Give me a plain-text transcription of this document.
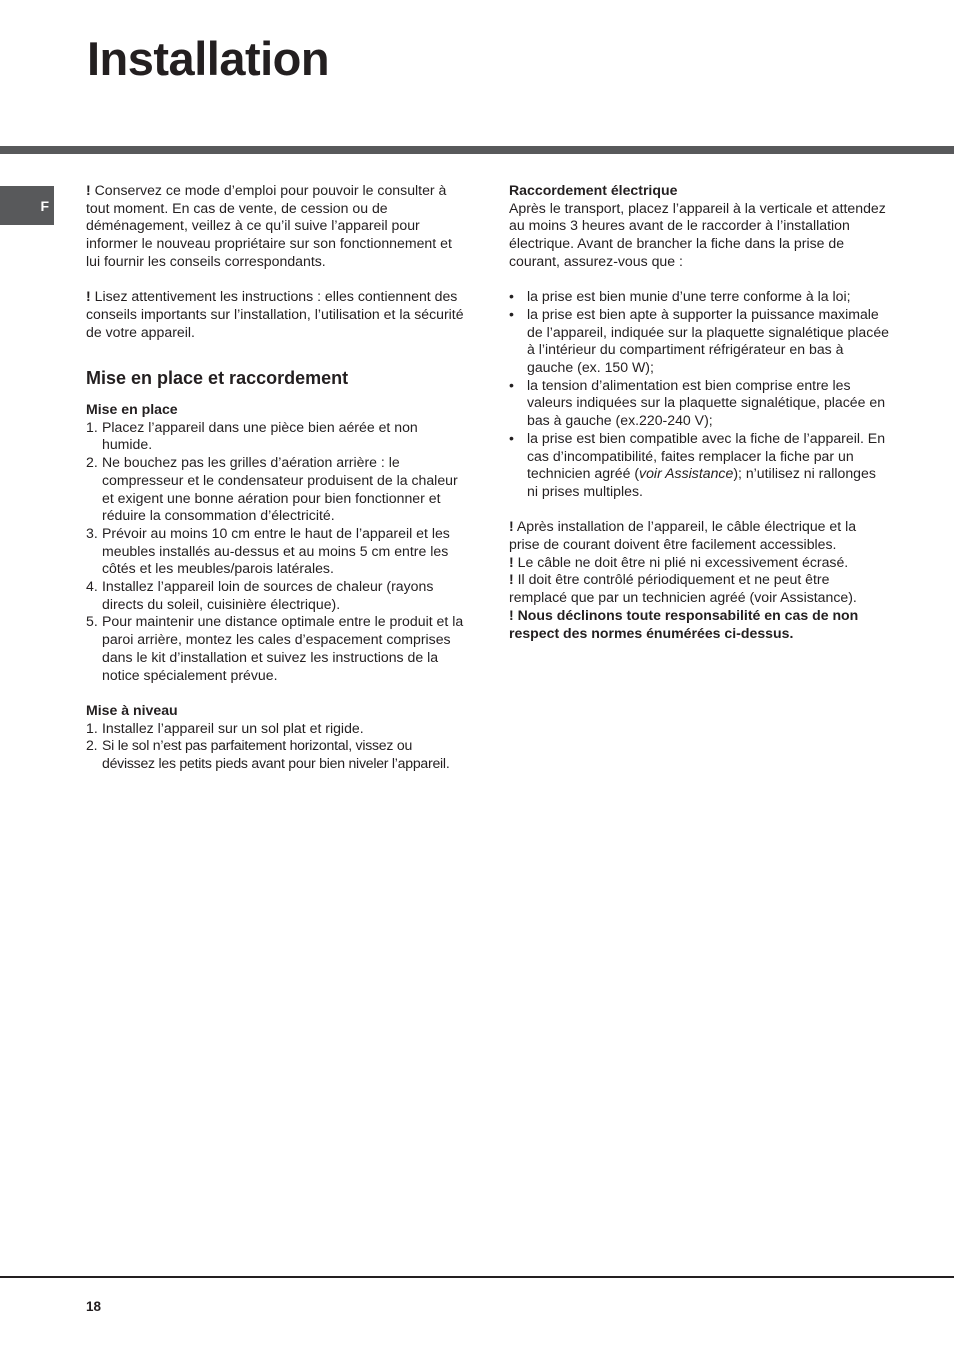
Installation
F

! Conservez ce mode d’emploi pour pouvoir le consulter à tout moment. En cas de vente, de cession ou de déménagement, veillez à ce qu’il suive l’appareil pour informer le nouveau propriétaire sur son fonctionnement et lui fournir les conseils correspondants.

! Lisez attentivement les instructions : elles contiennent des conseils importants sur l’installation, l’utilisation et la sécurité de votre appareil.

Mise en place et raccordement

Mise en place

1. Placez l’appareil dans une pièce bien aérée et non humide.
2. Ne bouchez pas les grilles d’aération arrière : le compresseur et le condensateur produisent de la chaleur et exigent une bonne aération pour bien fonctionner et réduire la consommation d’électricité.
3. Prévoir au moins 10 cm entre le haut de l’appareil et les meubles installés au-dessus et au moins 5 cm entre les côtés et les meubles/parois latérales.
4. Installez l’appareil loin de sources de chaleur (rayons directs du soleil, cuisinière électrique).
5. Pour maintenir une distance optimale entre le produit et la paroi arrière, montez les cales d’espacement comprises dans le kit d’installation et suivez les instructions de la notice spécialement prévue.

Mise à niveau

1. Installez l’appareil sur un sol plat et rigide.
2. Si le sol n’est pas parfaitement horizontal, vissez ou dévissez les petits pieds avant pour bien niveler l’appareil.

Raccordement électrique

Après le transport, placez l’appareil à la verticale et attendez au moins 3 heures avant de le raccorder à l’installation électrique. Avant de brancher la fiche dans la prise de courant, assurez-vous que :

• la prise est bien munie d’une terre conforme à la loi;
• la prise est bien apte à supporter la puissance maximale de l’appareil, indiquée sur la plaquette signalétique placée à l’intérieur du compartiment réfrigérateur en bas à gauche (ex. 150 W);
• la tension d’alimentation est bien comprise entre les valeurs indiquées sur la plaquette signalétique, placée en bas à gauche (ex.220-240 V);
• la prise est bien compatible avec la fiche de l’appareil. En cas d’incompatibilité, faites remplacer la fiche par un technicien agréé (voir Assistance); n’utilisez ni rallonges ni prises multiples.

! Après installation de l’appareil, le câble électrique et la prise de courant doivent être facilement accessibles.

! Le câble ne doit être ni plié ni excessivement écrasé.

! Il doit être contrôlé périodiquement et ne peut être remplacé que par un technicien agréé (voir Assistance).

! Nous déclinons toute responsabilité en cas de non respect des normes énumérées ci-dessus.

18
